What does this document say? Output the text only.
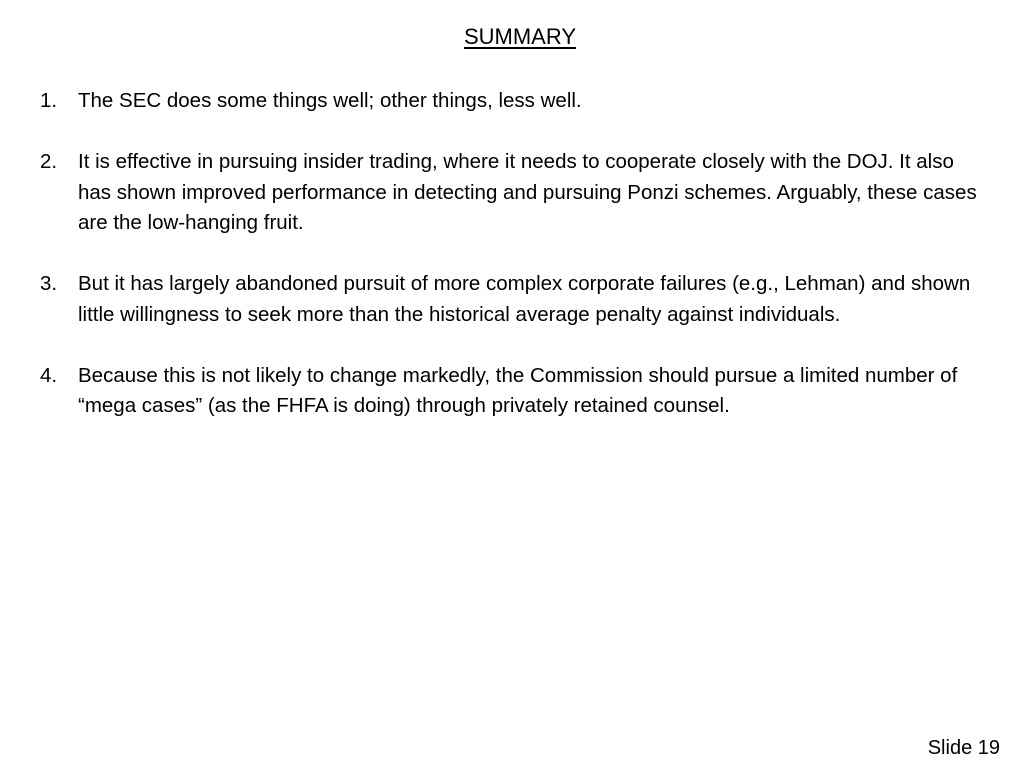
SUMMARY
1.	The SEC does some things well; other things, less well.
2.	It is effective in pursuing insider trading, where it needs to cooperate closely with the DOJ. It also has shown improved performance in detecting and pursuing Ponzi schemes. Arguably, these cases are the low-hanging fruit.
3.	But it has largely abandoned pursuit of more complex corporate failures (e.g., Lehman) and shown little willingness to seek more than the historical average penalty against individuals.
4.	Because this is not likely to change markedly, the Commission should pursue a limited number of “mega cases” (as the FHFA is doing) through privately retained counsel.
Slide 19
